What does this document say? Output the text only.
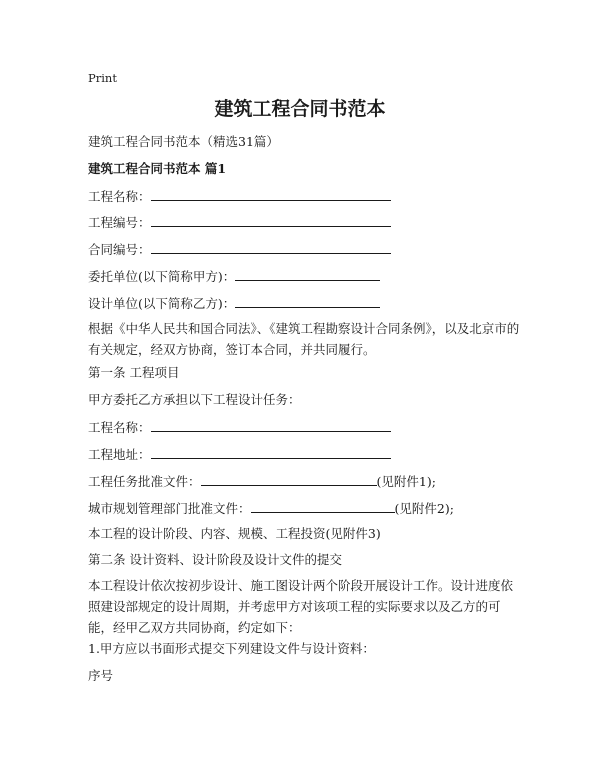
Print
建筑工程合同书范本
建筑工程合同书范本（精选31篇）
建筑工程合同书范本 篇1
工程名称：
工程编号：
合同编号：
委托单位(以下简称甲方)：
设计单位(以下简称乙方)：
根据《中华人民共和国合同法》、《建筑工程勘察设计合同条例》，以及北京市的有关规定，经双方协商，签订本合同，并共同履行。
第一条 工程项目
甲方委托乙方承担以下工程设计任务：
工程名称：
工程地址：
工程任务批准文件：	(见附件1);
城市规划管理部门批准文件：	(见附件2);
本工程的设计阶段、内容、规模、工程投资(见附件3)
第二条 设计资料、设计阶段及设计文件的提交
本工程设计依次按初步设计、施工图设计两个阶段开展设计工作。设计进度依照建设部规定的设计周期，并考虑甲方对该项工程的实际要求以及乙方的可能，经甲乙双方共同协商，约定如下：
1.甲方应以书面形式提交下列建设文件与设计资料：
序号
